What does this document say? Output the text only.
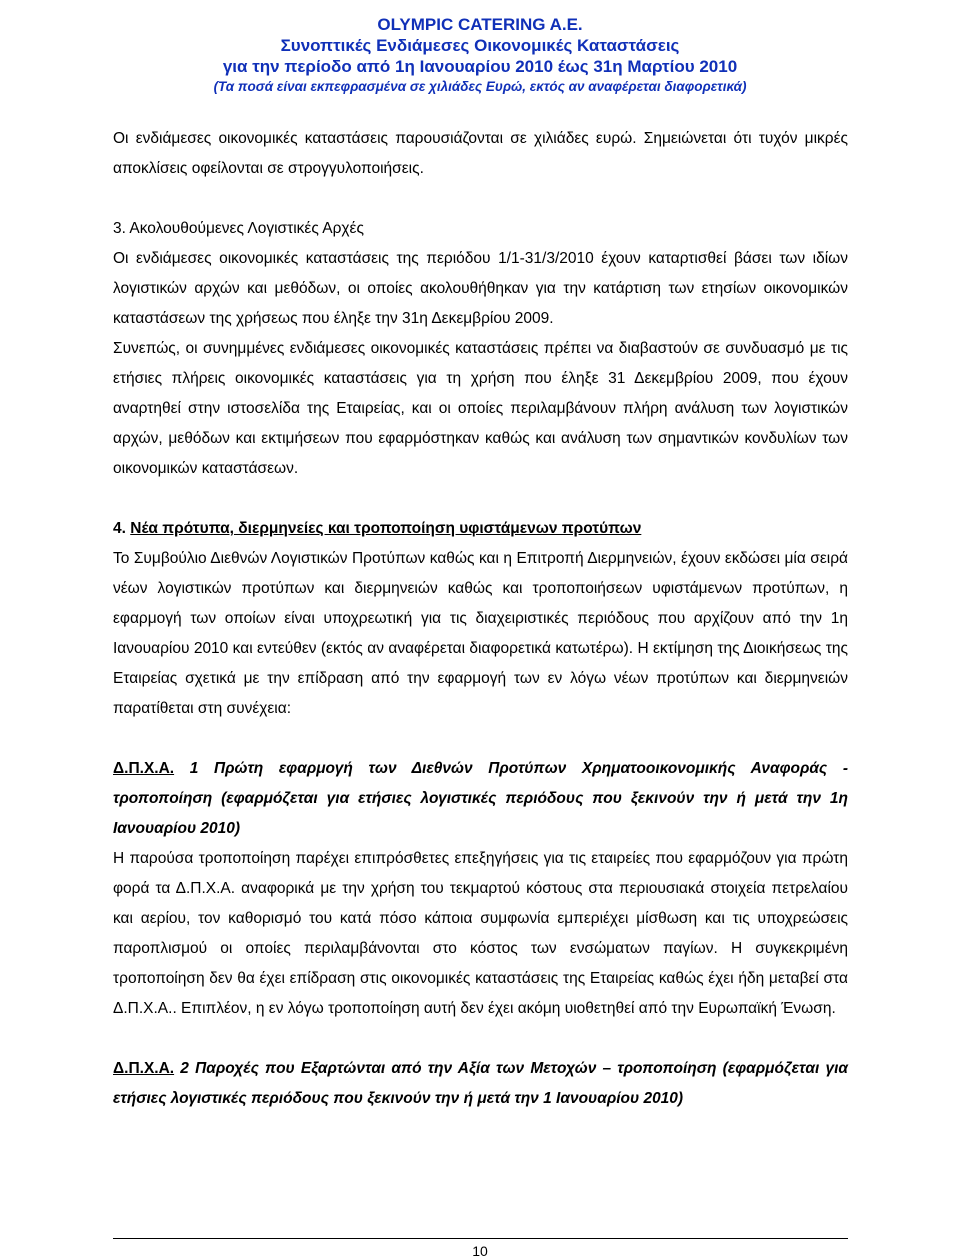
OLYMPIC CATERING A.E.
Συνοπτικές Ενδιάμεσες Οικονομικές Καταστάσεις
για την περίοδο από 1η Ιανουαρίου 2010 έως 31η Μαρτίου 2010
(Τα ποσά είναι εκπεφρασμένα σε χιλιάδες Ευρώ, εκτός αν αναφέρεται διαφορετικά)

Οι ενδιάμεσες οικονομικές καταστάσεις παρουσιάζονται σε χιλιάδες ευρώ. Σημειώνεται ότι τυχόν μικρές αποκλίσεις οφείλονται σε στρογγυλοποιήσεις.

3. Ακολουθούμενες Λογιστικές Αρχές

Οι ενδιάμεσες οικονομικές καταστάσεις της περιόδου 1/1-31/3/2010 έχουν καταρτισθεί βάσει των ιδίων λογιστικών αρχών και μεθόδων, οι οποίες ακολουθήθηκαν για την κατάρτιση των ετησίων οικονομικών καταστάσεων της χρήσεως που έληξε την 31η Δεκεμβρίου 2009.

Συνεπώς, οι συνημμένες ενδιάμεσες οικονομικές καταστάσεις πρέπει να διαβαστούν σε συνδυασμό με τις ετήσιες πλήρεις οικονομικές καταστάσεις για τη χρήση που έληξε 31 Δεκεμβρίου 2009, που έχουν αναρτηθεί στην ιστοσελίδα της Εταιρείας, και οι οποίες περιλαμβάνουν πλήρη ανάλυση των λογιστικών αρχών, μεθόδων και εκτιμήσεων που εφαρμόστηκαν καθώς και ανάλυση των σημαντικών κονδυλίων των οικονομικών καταστάσεων.

4. Νέα πρότυπα, διερμηνείες και τροποποίηση υφιστάμενων προτύπων

Το Συμβούλιο Διεθνών Λογιστικών Προτύπων καθώς και η Επιτροπή Διερμηνειών, έχουν εκδώσει μία σειρά νέων λογιστικών προτύπων και διερμηνειών καθώς και τροποποιήσεων υφιστάμενων προτύπων, η εφαρμογή των οποίων είναι υποχρεωτική για τις διαχειριστικές περιόδους που αρχίζουν από την 1η Ιανουαρίου 2010 και εντεύθεν (εκτός αν αναφέρεται διαφορετικά κατωτέρω). Η εκτίμηση της Διοικήσεως της Εταιρείας σχετικά με την επίδραση από την εφαρμογή των εν λόγω νέων προτύπων και διερμηνειών παρατίθεται στη συνέχεια:

Δ.Π.Χ.Α. 1 Πρώτη εφαρμογή των Διεθνών Προτύπων Χρηματοοικονομικής Αναφοράς - τροποποίηση (εφαρμόζεται για ετήσιες λογιστικές περιόδους που ξεκινούν την ή μετά την 1η Ιανουαρίου 2010)

Η παρούσα τροποποίηση παρέχει επιπρόσθετες επεξηγήσεις για τις εταιρείες που εφαρμόζουν για πρώτη φορά τα Δ.Π.Χ.Α. αναφορικά με την χρήση του τεκμαρτού κόστους στα περιουσιακά στοιχεία πετρελαίου και αερίου, τον καθορισμό του κατά πόσο κάποια συμφωνία εμπεριέχει μίσθωση και τις υποχρεώσεις παροπλισμού οι οποίες περιλαμβάνονται στο κόστος των ενσώματων παγίων. Η συγκεκριμένη τροποποίηση δεν θα έχει επίδραση στις οικονομικές καταστάσεις της Εταιρείας καθώς έχει ήδη μεταβεί στα Δ.Π.Χ.Α.. Επιπλέον, η εν λόγω τροποποίηση αυτή δεν έχει ακόμη υιοθετηθεί από την Ευρωπαϊκή Ένωση.

Δ.Π.Χ.Α. 2 Παροχές που Εξαρτώνται από την Αξία των Μετοχών – τροποποίηση (εφαρμόζεται για ετήσιες λογιστικές περιόδους που ξεκινούν την ή μετά την 1 Ιανουαρίου 2010)

10
